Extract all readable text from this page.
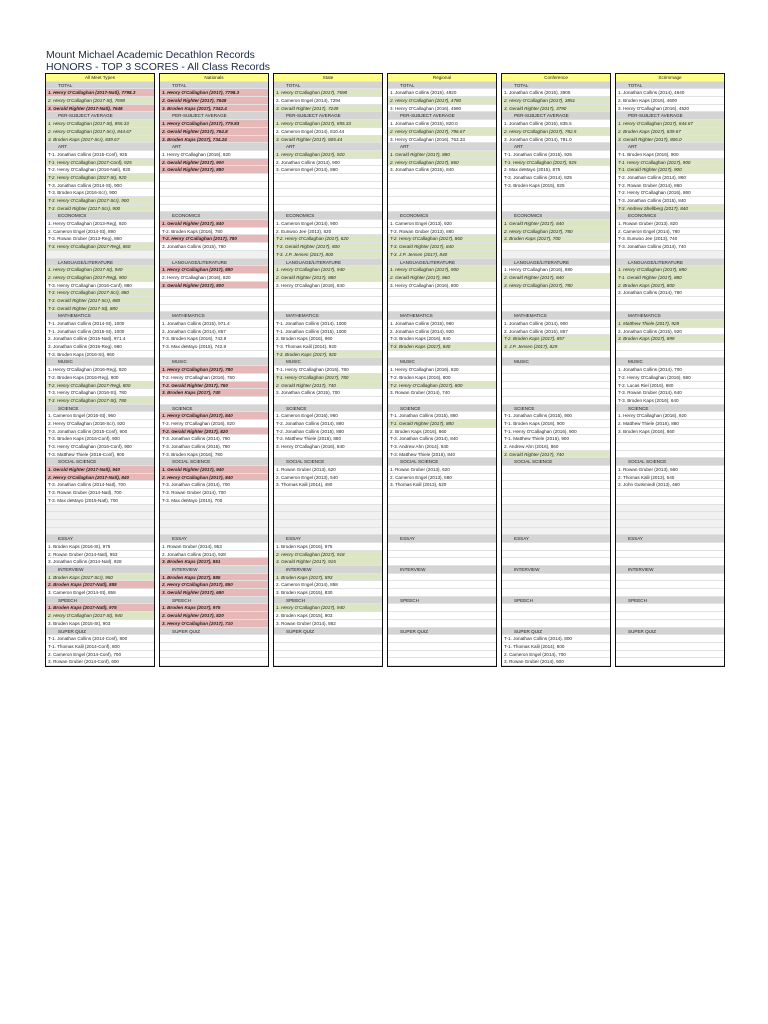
Mount Michael Academic Decathlon Records
HONORS - TOP 3 SCORES - All Class Records
All Meet Types
TOTAL
1. Henry O'Callaghan (2017-Natl), 7798.3
2. Henry O'Callaghan (2017-St), 7698
3. Gerald Righter (2017-Natl), 7648
PER-SUBJECT AVERAGE
1. Henry O'Callaghan (2017-St), 855.33
2. Henry O'Callaghan (2017-Scr), 844.67
3. Broden Kaps (2017-Scr), 839.67
ART
T-1. Jonathan Collins (2015-Conf), 925
T-1. Henry O'Callaghan (2017-Conf), 925
T-2. Henry O'Callaghan (2016-Natl), 920
T-2. Henry O'Callaghan (2017-St), 920
T-3. Jonathan Collins (2014-St), 900
T-3. Broden Kaps (2016-Scr), 900
T-3. Henry O'Callaghan (2017-Scr), 900
T-3. Gerald Righter (2017-Scr), 900
ECONOMICS
1. Henry O'Callaghan (2013-Reg), 920
2. Cameron Engel (2014-St), 890
T-3. Rowan Gruber (2013-Reg), 860
T-3. Henry O'Callaghan (2017-Reg), 860
LANGUAGE/LITERATURE
1. Henry O'Callaghan (2017-St), 940
2. Henry O'Callaghan (2017-Reg), 900
T-3. Henry O'Callaghan (2016-Conf), 880
T-3. Henry O'Callaghan (2017-Scr), 880
T-3. Gerald Righter (2017-Scr), 880
T-3. Gerald Righter (2017-St), 880
MATHEMATICS
T-1. Jonathan Collins (2014-St), 1000
T-1. Jonathan Collins (2015-St), 1000
2. Jonathan Collins (2015-Natl), 971.4
3. Jonathan Collins (2015-Reg), 960
T-3. Broden Kaps (2016-St), 960
MUSIC
1. Henry O'Callaghan (2016-Reg), 820
T-2. Broden Kaps (2016-Reg), 800
T-2. Henry O'Callaghan (2017-Reg), 800
T-3. Henry O'Callaghan (2016-St), 780
T-3. Henry O'Callaghan (2017-St), 780
SCIENCE
1. Cameron Engel (2016-St), 960
2. Henry O'Callaghan (2016-Scr), 920
T-3. Jonathan Collins (2015-Conf), 900
T-3. Broden Kaps (2016-Conf), 900
T-3. Henry O'Callaghan (2016-Conf), 900
T-3. Matthew Thiele (2016-Conf), 900
SOCIAL SCIENCE
1. Gerald Righter (2017-Natl), 940
2. Henry O'Callaghan (2017-Natl), 840
T-3. Jonathan Collins (2014-Natl), 700
T-3. Rowan Gruber (2014-Natl), 700
T-3. Max deMayo (2015-Natl), 700
ESSAY
1. Broden Kaps (2016-St), 975
2. Rowan Gruber (2014-Natl), 953
3. Jonathan Collins (2014-Natl), 928
INTERVIEW
1. Broden Kaps (2017-Scr), 950
2. Broden Kaps (2017-Natl), 885
3. Cameron Engel (2014-St), 858
SPEECH
1. Broden Kaps (2017-Natl), 975
2. Henry O'Callaghan (2017-St), 940
3. Broden Kaps (2015-St), 903
SUPER QUIZ
T-1. Jonathan Collins (2014-Conf), 800
T-1. Thomas Kalil (2014-Conf), 800
2. Cameron Engel (2014-Conf), 700
3. Rowan Gruber (2014-Conf), 600
Nationals
TOTAL
1. Henry O'Callaghan (2017), 7798.3
2. Gerald Righter (2017), 7648
3. Broden Kaps (2017), 7342.4
PER-SUBJECT AVERAGE
1. Henry O'Callaghan (2017), 779.83
2. Gerald Righter (2017), 764.8
3. Broden Kaps (2017), 734.24
ART
1. Henry O'Callaghan (2016), 920
2. Gerald Righter (2017), 900
3. Gerald Righter (2017), 880
ECONOMICS
1. Gerald Righter (2017), 840
T-2. Broden Kaps (2016), 780
T-2. Henry O'Callaghan (2017), 780
3. Jonathan Collins (2015), 760
LANGUAGE/LITERATURE
1. Henry O'Callaghan (2017), 880
2. Henry O'Callaghan (2016), 820
3. Gerald Righter (2017), 800
MATHEMATICS
1. Jonathan Collins (2015), 971.4
2. Jonathan Collins (2014), 857
T-3. Broden Kaps (2016), 742.9
T-3. Max deMayo (2015), 742.9
MUSIC
1. Henry O'Callaghan (2017), 780
T-2. Henry O'Callaghan (2016), 760
T-2. Gerald Righter (2017), 760
3. Broden Kaps (2017), 740
SCIENCE
1. Henry O'Callaghan (2017), 840
T-2. Henry O'Callaghan (2016), 820
T-2. Gerald Righter (2017), 820
T-3. Jonathan Collins (2014), 780
T-3. Jonathan Collins (2015), 780
T-3. Broden Kaps (2016), 780
SOCIAL SCIENCE
1. Gerald Righter (2017), 940
2. Henry O'Callaghan (2017), 840
T-3. Jonathan Collins (2014), 700
T-3. Rowan Gruber (2014), 700
T-3. Max deMayo (2015), 700
ESSAY
1. Rowan Gruber (2014), 953
2. Jonathan Collins (2014), 928
3. Broden Kaps (2017), 851
INTERVIEW
1. Broden Kaps (2017), 885
2. Henry O'Callaghan (2017), 850
3. Gerald Righter (2017), 680
SPEECH
1. Broden Kaps (2017), 975
2. Gerald Righter (2017), 820
3. Henry O'Callaghan (2017), 710
SUPER QUIZ
State
TOTAL
1. Henry O'Callaghan (2017), 7698
2. Cameron Engel (2014), 7294
3. Gerald Righter (2017), 7249
PER-SUBJECT AVERAGE
1. Henry O'Callaghan (2017), 855.33
2. Cameron Engel (2014), 810.44
3. Gerald Righter (2017), 805.44
ART
1. Henry O'Callaghan (2017), 920
2. Jonathan Collins (2014), 900
3. Cameron Engel (2014), 860
ECONOMICS
1. Cameron Engel (2014), 900
2. Eunwoo Jee (2013), 820
T-2. Henry O'Callaghan (2017), 820
T-3. Gerald Righter (2017), 800
T-3. J.P. Jensen (2017), 800
LANGUAGE/LITERATURE
1. Henry O'Callaghan (2017), 940
2. Gerald Righter (2017), 880
3. Henry O'Callaghan (2016), 840
MATHEMATICS
T-1. Jonathan Collins (2014), 1000
T-1. Jonathan Collins (2015), 1000
2. Broden Kaps (2016), 960
T-3. Thomas Kalil (2014), 920
T-3. Broden Kaps (2017), 920
MUSIC
T-1. Henry O'Callaghan (2016), 780
T-1. Henry O'Callaghan (2017), 780
2. Gerald Righter (2017), 740
3. Jonathan Collins (2015), 700
SCIENCE
1. Cameron Engel (2016), 960
T-2. Jonathan Collins (2014), 880
T-2. Jonathan Collins (2015), 880
T-2. Matthew Thiele (2016), 880
3. Henry O'Callaghan (2016), 840
SOCIAL SCIENCE
1. Rowan Gruber (2013), 620
2. Cameron Engel (2013), 540
3. Thomas Kalil (2014), 480
ESSAY
1. Broden Kaps (2016), 975
2. Henry O'Callaghan (2017), 918
3. Gerald Righter (2017), 915
INTERVIEW
1. Broden Kaps (2017), 893
2. Cameron Engel (2014), 858
3. Broden Kaps (2015), 830
SPEECH
1. Henry O'Callaghan (2017), 940
2. Broden Kaps (2015), 903
3. Rowan Gruber (2014), 882
SUPER QUIZ
Regional
TOTAL
1. Jonathan Collins (2015), 4920
2. Henry O'Callaghan (2017), 4780
3. Henry O'Callaghan (2016), 4580
PER-SUBJECT AVERAGE
1. Jonathan Collins (2015), 820.0
2. Henry O'Callaghan (2017), 796.67
3. Henry O'Callaghan (2016), 763.33
ART
1. Gerald Righter (2017), 880
2. Henry O'Callaghan (2017), 860
3. Jonathan Collins (2015), 840
ECONOMICS
1. Cameron Engel (2013), 920
T-2. Rowan Gruber (2013), 860
T-2. Henry O'Callaghan (2017), 860
T-3. Gerald Righter (2017), 840
T-3. J.P. Jensen (2017), 840
LANGUAGE/LITERATURE
1. Henry O'Callaghan (2017), 900
2. Gerald Righter (2017), 860
3. Henry O'Callaghan (2016), 800
MATHEMATICS
1. Jonathan Collins (2015), 960
2. Jonathan Collins (2014), 920
T-3. Broden Kaps (2016), 840
T-3. Broden Kaps (2017), 840
MUSIC
1. Henry O'Callaghan (2016), 820
T-2. Broden Kaps (2016), 800
T-2. Henry O'Callaghan (2017), 800
3. Rowan Gruber (2014), 740
SCIENCE
T-1. Jonathan Collins (2015), 880
T-1. Gerald Righter (2017), 880
2. Broden Kaps (2016), 860
T-3. Jonathan Collins (2014), 840
T-3. Andrew Ahn (2014), 840
T-3. Matthew Thiele (2016), 840
SOCIAL SCIENCE
1. Rowan Gruber (2013), 620
2. Cameron Engel (2013), 580
3. Thomas Kalil (2013), 520
ESSAY
INTERVIEW
SPEECH
SUPER QUIZ
Conference
TOTAL
1. Jonathan Collins (2015), 3905
2. Henry O'Callaghan (2017), 3851
3. Gerald Righter (2017), 3790
PER-SUBJECT AVERAGE
1. Jonathan Collins (2015), 835.5
2. Henry O'Callaghan (2017), 782.5
3. Jonathan Collins (2014), 781.0
ART
T-1. Jonathan Collins (2015), 925
T-1. Henry O'Callaghan (2017), 925
2. Max deMayo (2015), 875
T-3. Jonathan Collins (2014), 825
T-3. Broden Kaps (2015), 825
ECONOMICS
1. Gerald Righter (2017), 840
2. Henry O'Callaghan (2017), 780
3. Broden Kaps (2017), 700
LANGUAGE/LITERATURE
1. Henry O'Callaghan (2016), 880
2. Gerald Righter (2017), 840
3. Henry O'Callaghan (2017), 780
MATHEMATICS
1. Jonathan Collins (2014), 900
2. Jonathan Collins (2015), 857
T-2. Broden Kaps (2017), 857
3. J.P. Jensen (2017), 829
MUSIC
SCIENCE
T-1. Jonathan Collins (2015), 900
T-1. Broden Kaps (2016), 900
T-1. Henry O'Callaghan (2016), 900
T-1. Matthew Thiele (2016), 900
2. Andrew Ahn (2016), 860
3. Gerald Righter (2017), 740
SOCIAL SCIENCE
ESSAY
INTERVIEW
SPEECH
SUPER QUIZ
T-1. Jonathan Collins (2014), 800
T-1. Thomas Kalil (2014), 800
2. Cameron Engel (2014), 700
3. Rowan Gruber (2014), 600
Scrimmage
TOTAL
1. Jonathan Collins (2014), 4640
2. Broden Kaps (2016), 4600
3. Henry O'Callaghan (2016), 4520
PER-SUBJECT AVERAGE
1. Henry O'Callaghan (2017), 844.67
2. Broden Kaps (2017), 839.67
3. Gerald Righter (2017), 806.0
ART
T-1. Broden Kaps (2016), 900
T-1. Henry O'Callaghan (2017), 900
T-1. Gerald Righter (2017), 900
T-2. Jonathan Collins (2014), 860
T-2. Rowan Gruber (2014), 860
T-2. Henry O'Callaghan (2016), 860
T-3. Jonathan Collins (2015), 840
T-3. Andrew Shellberg (2017), 840
ECONOMICS
1. Rowan Gruber (2013), 820
2. Cameron Engel (2014), 760
T-3. Eunwoo Jee (2013), 740
T-3. Jonathan Collins (2014), 740
LANGUAGE/LITERATURE
1. Henry O'Callaghan (2017), 880
T-1. Gerald Righter (2017), 880
2. Broden Kaps (2017), 800
3. Jonathan Collins (2014), 780
MATHEMATICS
1. Matthew Thiele (2017), 928
2. Jonathan Collins (2015), 920
3. Broden Kaps (2017), 899
MUSIC
1. Jonathan Collins (2014), 700
T-2. Henry O'Callaghan (2016), 680
T-2. Lucas Riel (2016), 680
T-3. Rowan Gruber (2014), 640
T-3. Broden Kaps (2016), 640
SCIENCE
1. Henry O'Callaghan (2016), 920
2. Matthew Thiele (2016), 880
3. Broden Kaps (2016), 860
SOCIAL SCIENCE
1. Rowan Gruber (2013), 560
2. Thomas Kalil (2013), 540
3. John Gutsmiedl (2013), 460
ESSAY
INTERVIEW
SPEECH
SUPER QUIZ
